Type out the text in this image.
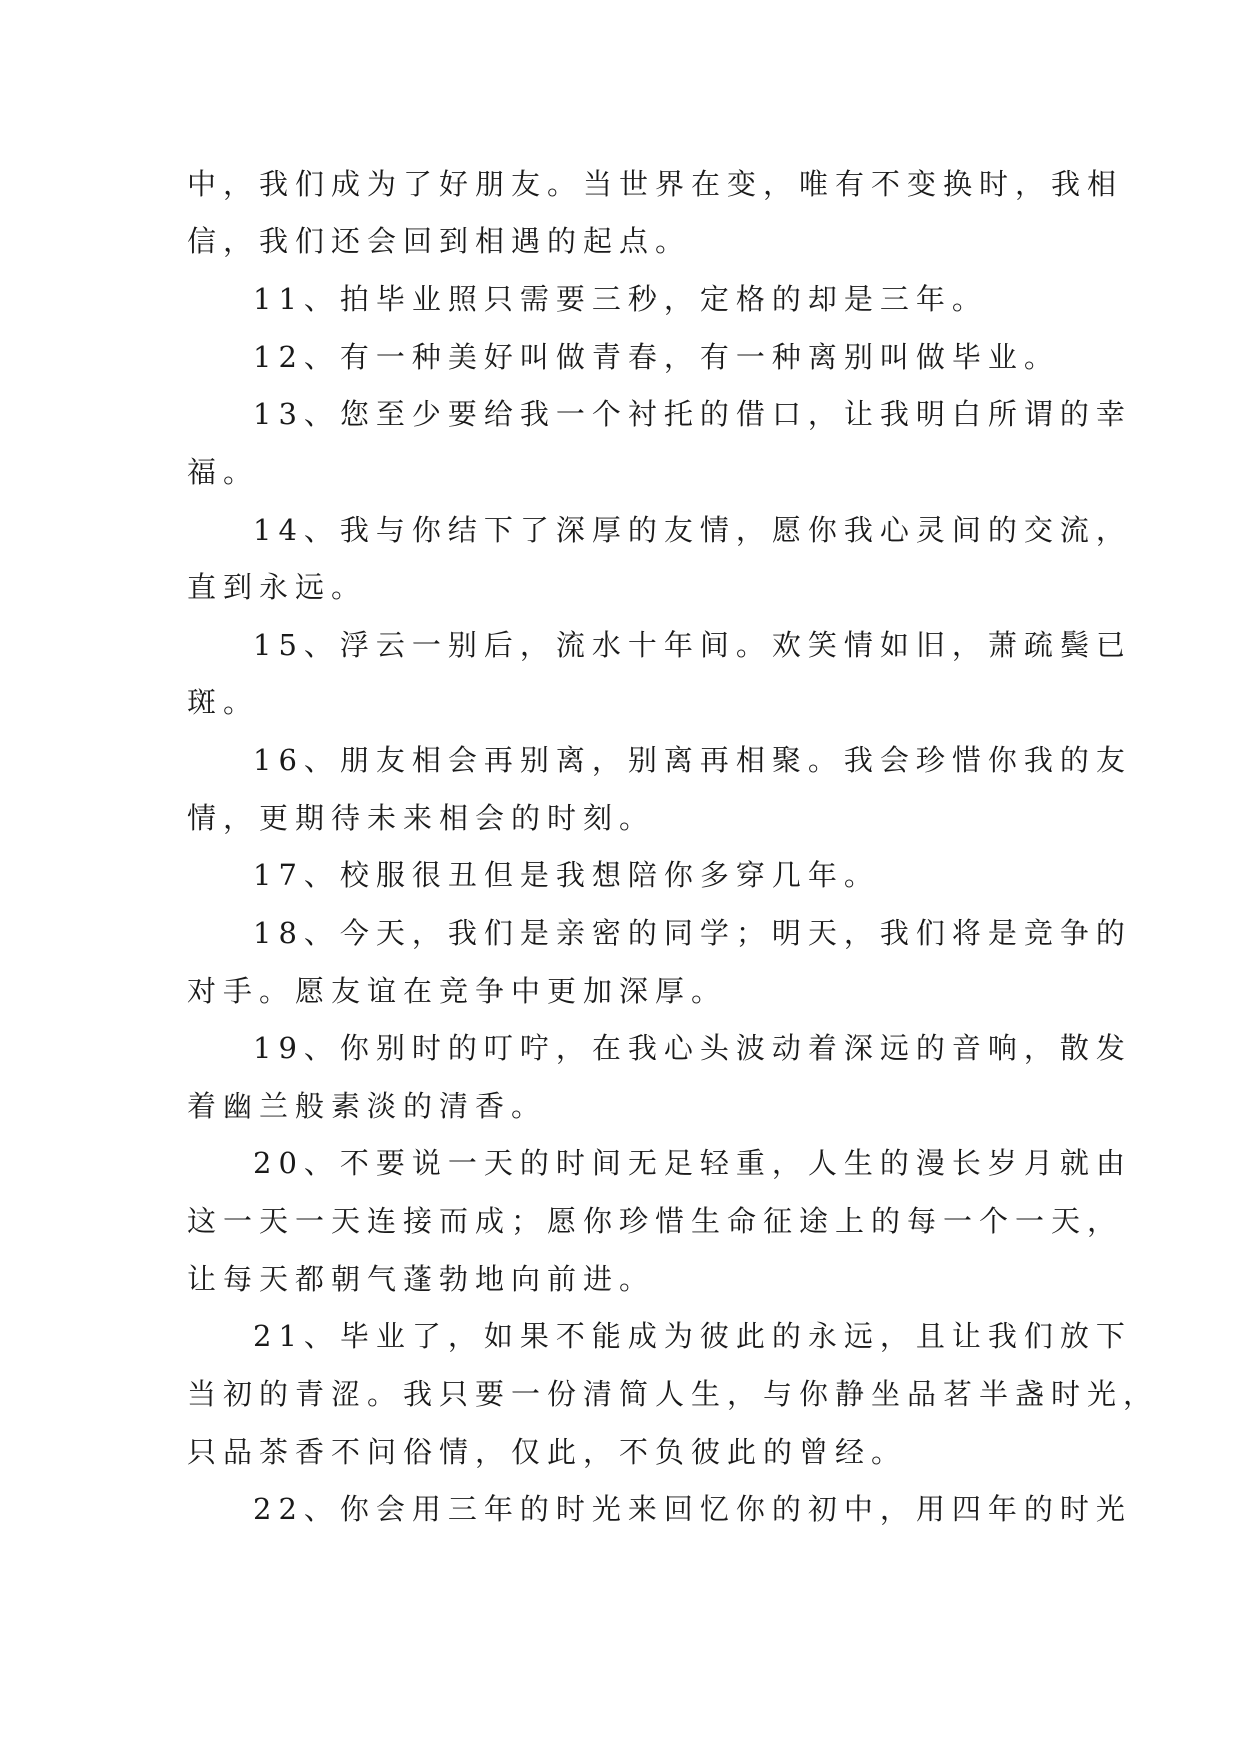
中，我们成为了好朋友。当世界在变，唯有不变换时，我相
信，我们还会回到相遇的起点。
11、拍毕业照只需要三秒，定格的却是三年。
12、有一种美好叫做青春，有一种离别叫做毕业。
13、您至少要给我一个衬托的借口，让我明白所谓的幸
福。
14、我与你结下了深厚的友情，愿你我心灵间的交流，
直到永远。
15、浮云一别后，流水十年间。欢笑情如旧，萧疏鬓已
斑。
16、朋友相会再别离，别离再相聚。我会珍惜你我的友
情，更期待未来相会的时刻。
17、校服很丑但是我想陪你多穿几年。
18、今天，我们是亲密的同学；明天，我们将是竞争的
对手。愿友谊在竞争中更加深厚。
19、你别时的叮咛，在我心头波动着深远的音响，散发
着幽兰般素淡的清香。
20、不要说一天的时间无足轻重，人生的漫长岁月就由
这一天一天连接而成；愿你珍惜生命征途上的每一个一天，
让每天都朝气蓬勃地向前进。
21、毕业了，如果不能成为彼此的永远，且让我们放下
当初的青涩。我只要一份清简人生，与你静坐品茗半盏时光，
只品茶香不问俗情，仅此，不负彼此的曾经。
22、你会用三年的时光来回忆你的初中，用四年的时光
